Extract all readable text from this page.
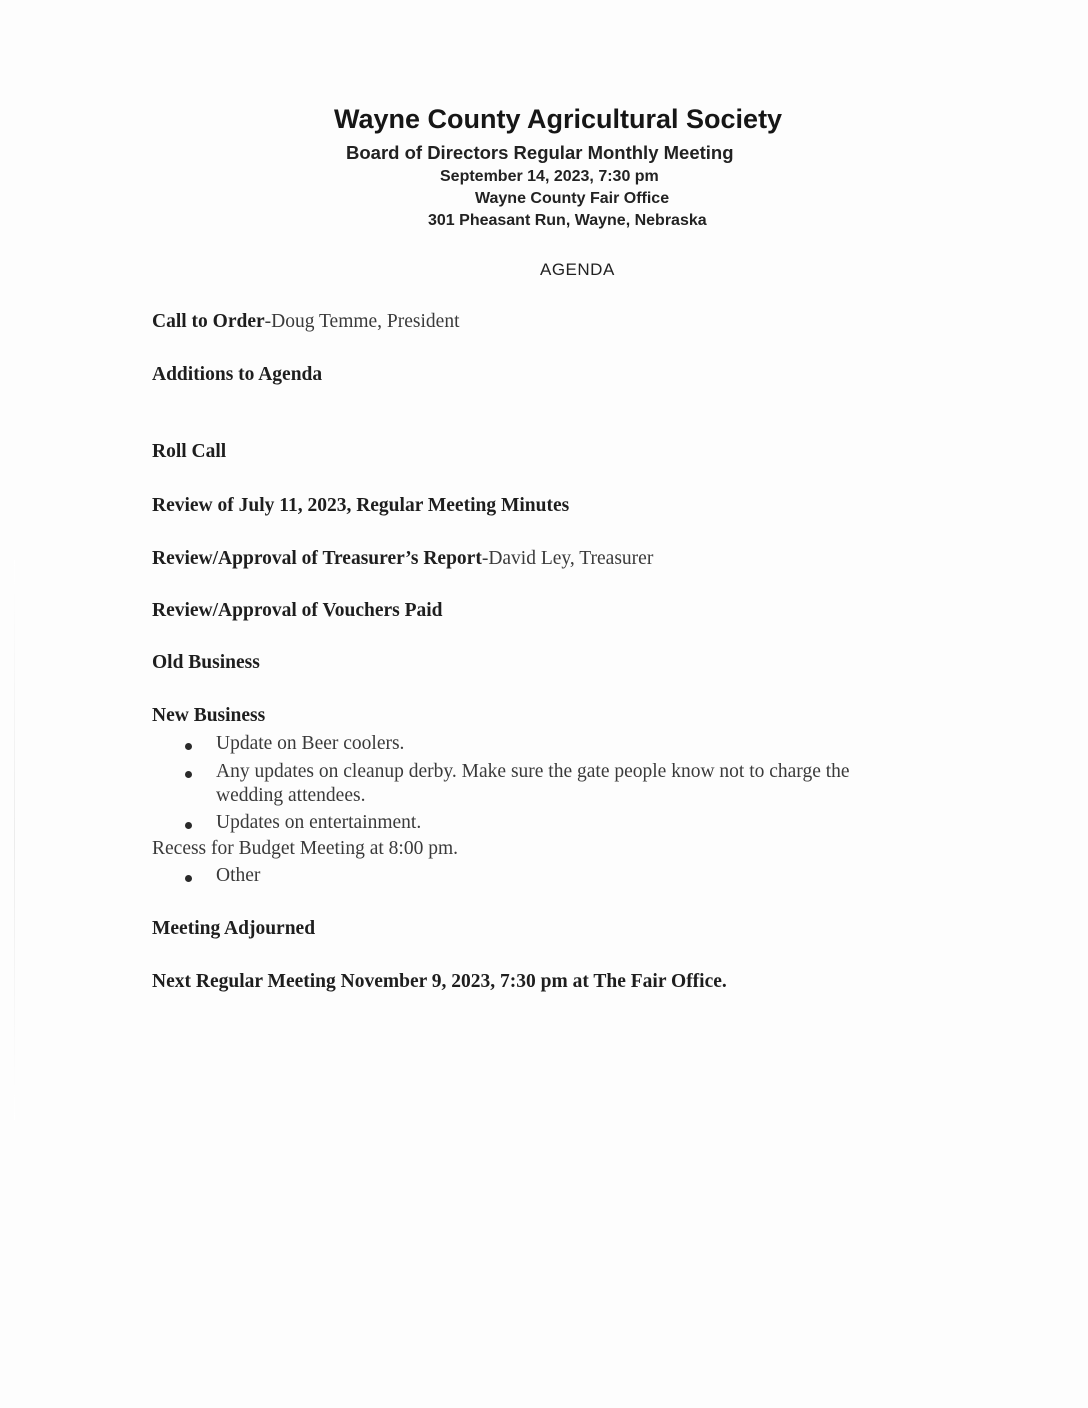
Wayne County Agricultural Society
Board of Directors Regular Monthly Meeting
September 14, 2023, 7:30 pm
Wayne County Fair Office
301 Pheasant Run, Wayne, Nebraska
AGENDA
Call to Order-Doug Temme, President
Additions to Agenda
Roll Call
Review of July 11, 2023, Regular Meeting Minutes
Review/Approval of Treasurer’s Report-David Ley, Treasurer
Review/Approval of Vouchers Paid
Old Business
New Business
Update on Beer coolers.
Any updates on cleanup derby. Make sure the gate people know not to charge the
wedding attendees.
Updates on entertainment.
Recess for Budget Meeting at 8:00 pm.
Other
Meeting Adjourned
Next Regular Meeting November 9, 2023, 7:30 pm at The Fair Office.
